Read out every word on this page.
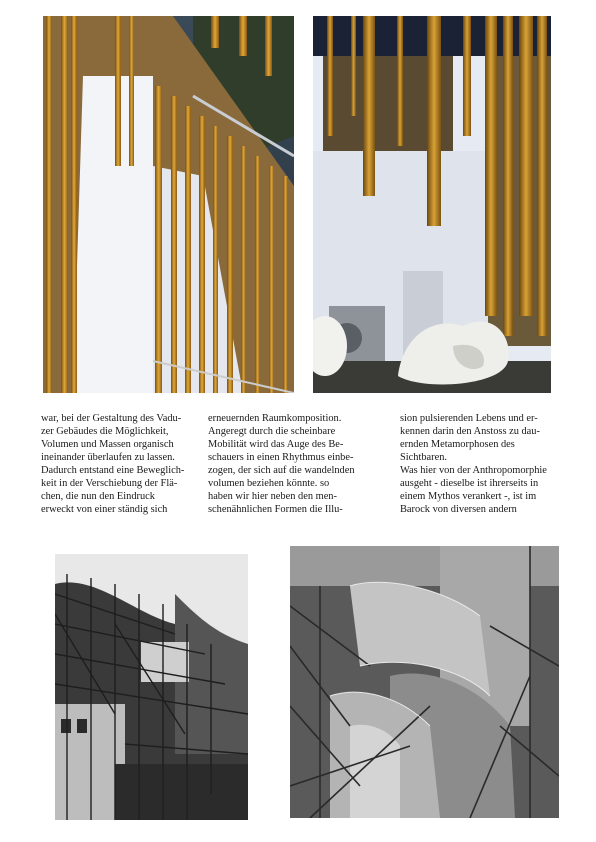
war, bei der Gestaltung des Vadu-
zer Gebäudes die Möglichkeit,
Volumen und Massen organisch
ineinander überlaufen zu lassen.
Dadurch entstand eine Beweglich-
keit in der Verschiebung der Flä-
chen, die nun den Eindruck
erweckt von einer ständig sich

erneuernden Raumkomposition.
Angeregt durch die scheinbare
Mobilität wird das Auge des Be-
schauers in einen Rhythmus einbe-
zogen, der sich auf die wandelnden
volumen beziehen könnte. so
haben wir hier neben den men-
schenähnlichen Formen die Illu-

sion pulsierenden Lebens und er-
kennen darin den Anstoss zu dau-
ernden Metamorphosen des
Sichtbaren.
Was hier von der Anthropomorphie
ausgeht - dieselbe ist ihrerseits in
einem Mythos verankert -, ist im
Barock von diversen andern
